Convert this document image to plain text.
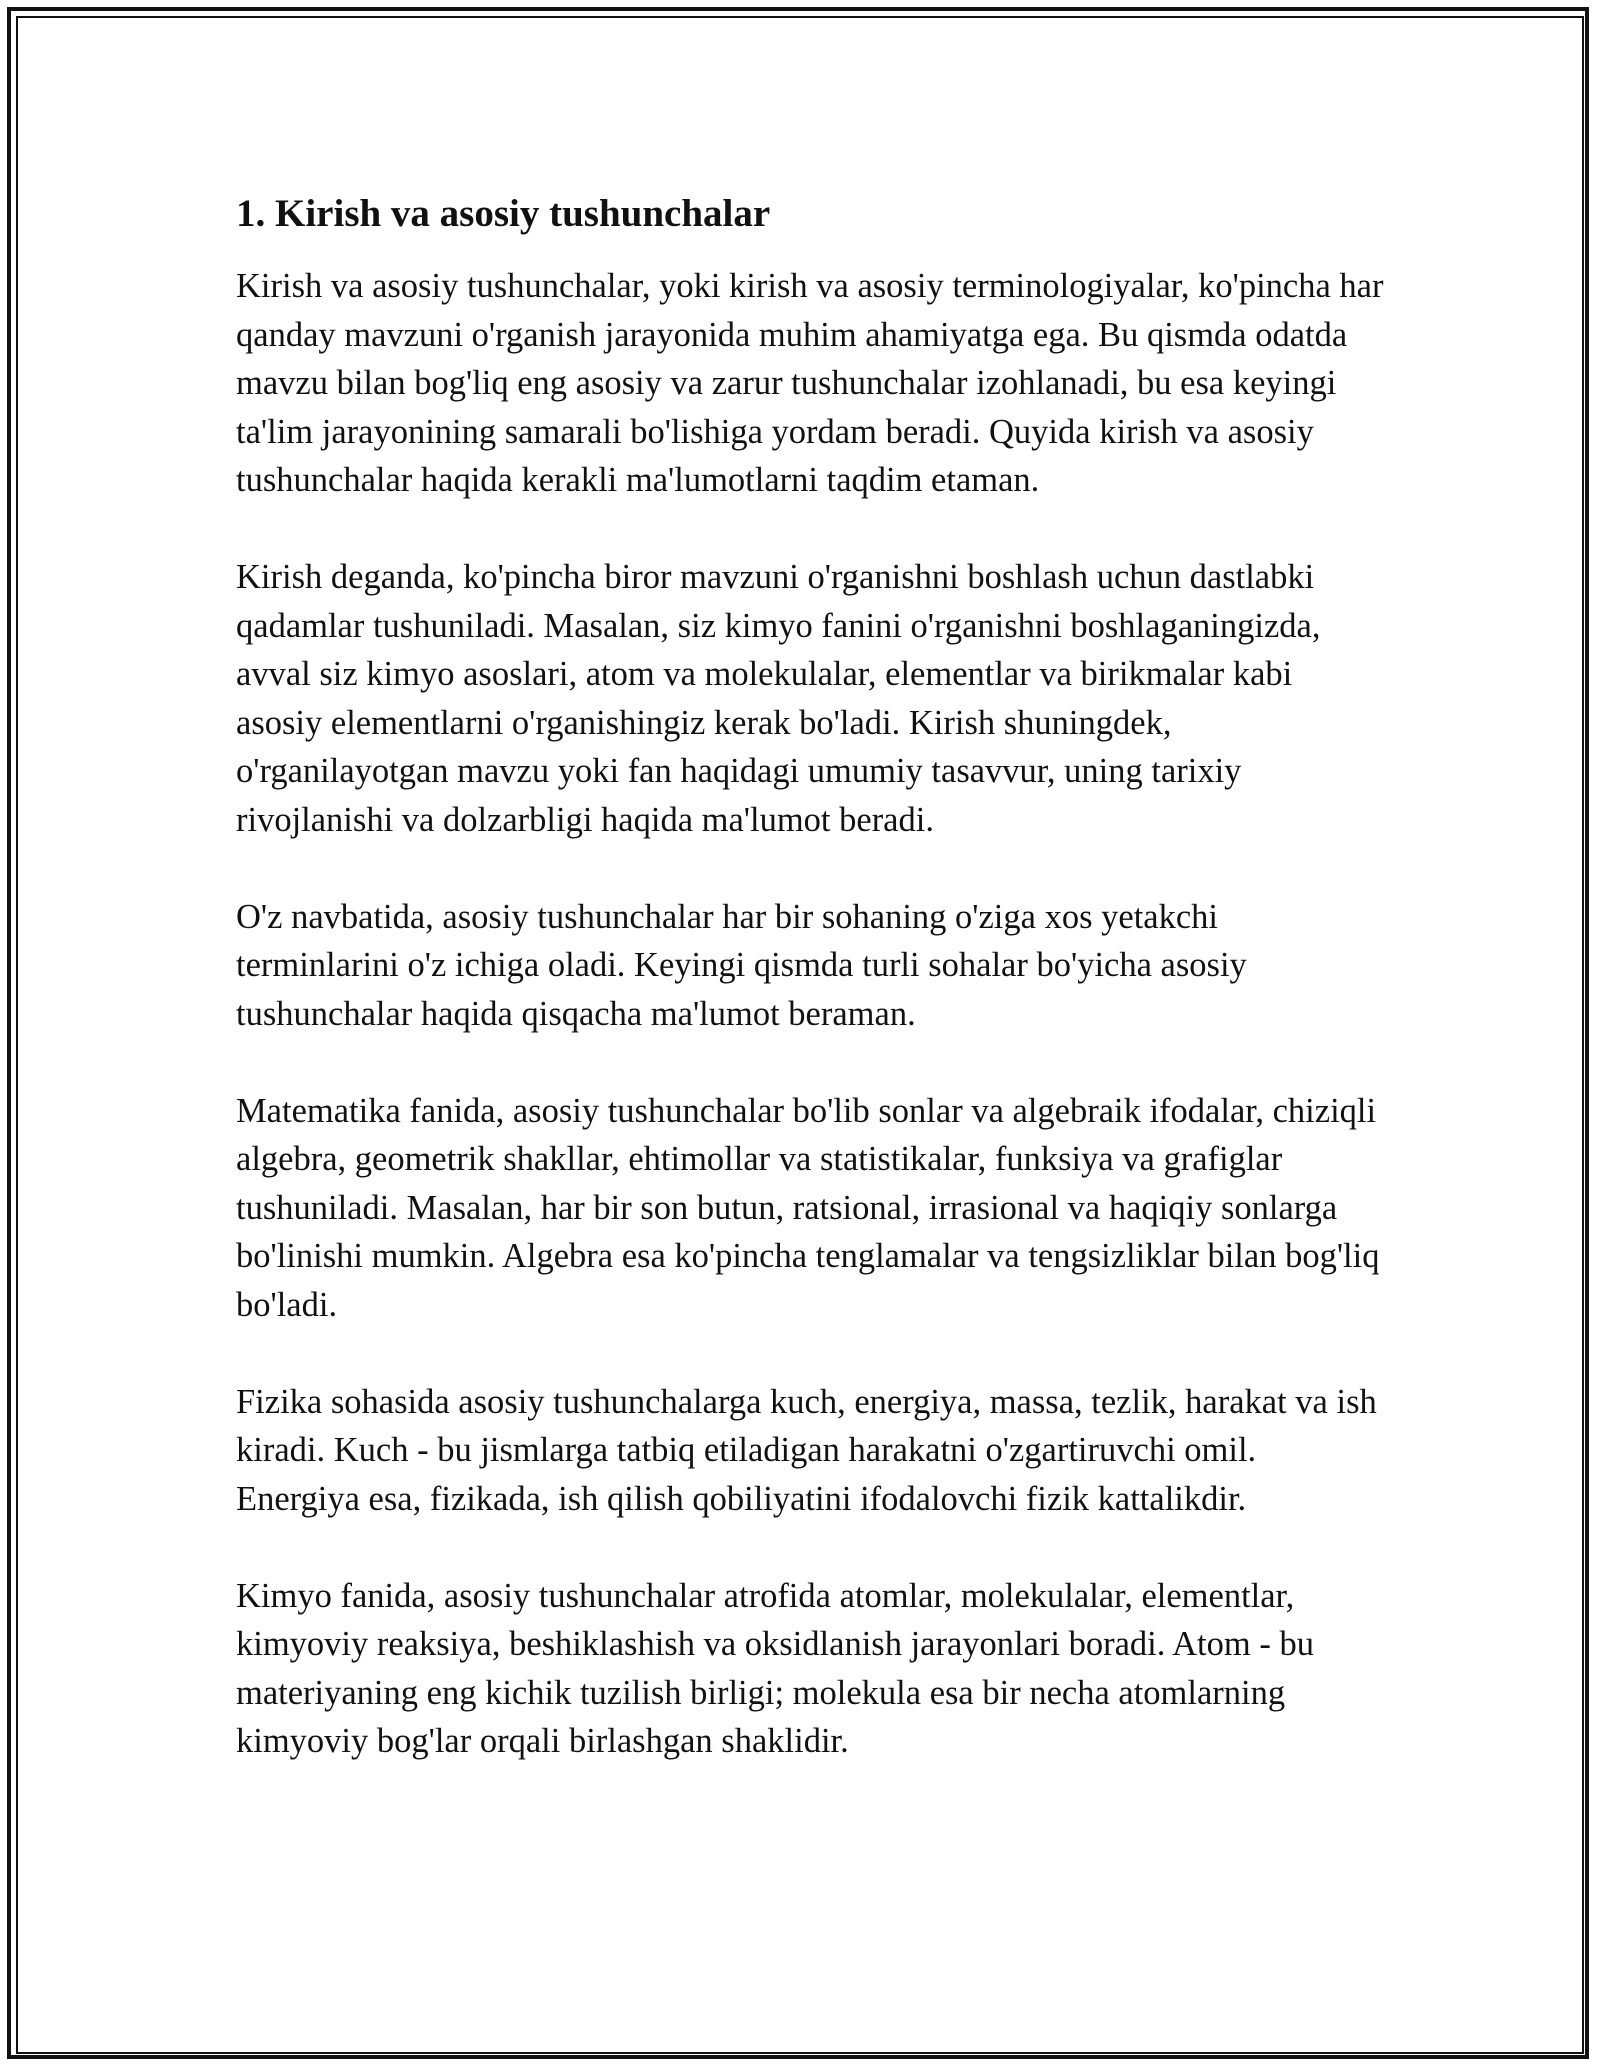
1. Kirish va asosiy tushunchalar

Kirish va asosiy tushunchalar, yoki kirish va asosiy terminologiyalar, ko'pincha har qanday mavzuni o'rganish jarayonida muhim ahamiyatga ega. Bu qismda odatda mavzu bilan bog'liq eng asosiy va zarur tushunchalar izohlanadi, bu esa keyingi ta'lim jarayonining samarali bo'lishiga yordam beradi. Quyida kirish va asosiy tushunchalar haqida kerakli ma'lumotlarni taqdim etaman.

Kirish deganda, ko'pincha biror mavzuni o'rganishni boshlash uchun dastlabki qadamlar tushuniladi. Masalan, siz kimyo fanini o'rganishni boshlaganingizda, avval siz kimyo asoslari, atom va molekulalar, elementlar va birikmalar kabi asosiy elementlarni o'rganishingiz kerak bo'ladi. Kirish shuningdek, o'rganilayotgan mavzu yoki fan haqidagi umumiy tasavvur, uning tarixiy rivojlanishi va dolzarbligi haqida ma'lumot beradi.

O'z navbatida, asosiy tushunchalar har bir sohaning o'ziga xos yetakchi terminlarini o'z ichiga oladi. Keyingi qismda turli sohalar bo'yicha asosiy tushunchalar haqida qisqacha ma'lumot beraman.

Matematika fanida, asosiy tushunchalar bo'lib sonlar va algebraik ifodalar, chiziqli algebra, geometrik shakllar, ehtimollar va statistikalar, funksiya va grafiglar tushuniladi. Masalan, har bir son butun, ratsional, irrasional va haqiqiy sonlarga bo'linishi mumkin. Algebra esa ko'pincha tenglamalar va tengsizliklar bilan bog'liq bo'ladi.

Fizika sohasida asosiy tushunchalarga kuch, energiya, massa, tezlik, harakat va ish kiradi. Kuch - bu jismlarga tatbiq etiladigan harakatni o'zgartiruvchi omil. Energiya esa, fizikada, ish qilish qobiliyatini ifodalovchi fizik kattalikdir.

Kimyo fanida, asosiy tushunchalar atrofida atomlar, molekulalar, elementlar, kimyoviy reaksiya, beshiklashish va oksidlanish jarayonlari boradi. Atom - bu materiyaning eng kichik tuzilish birligi; molekula esa bir necha atomlarning kimyoviy bog'lar orqali birlashgan shaklidir.
